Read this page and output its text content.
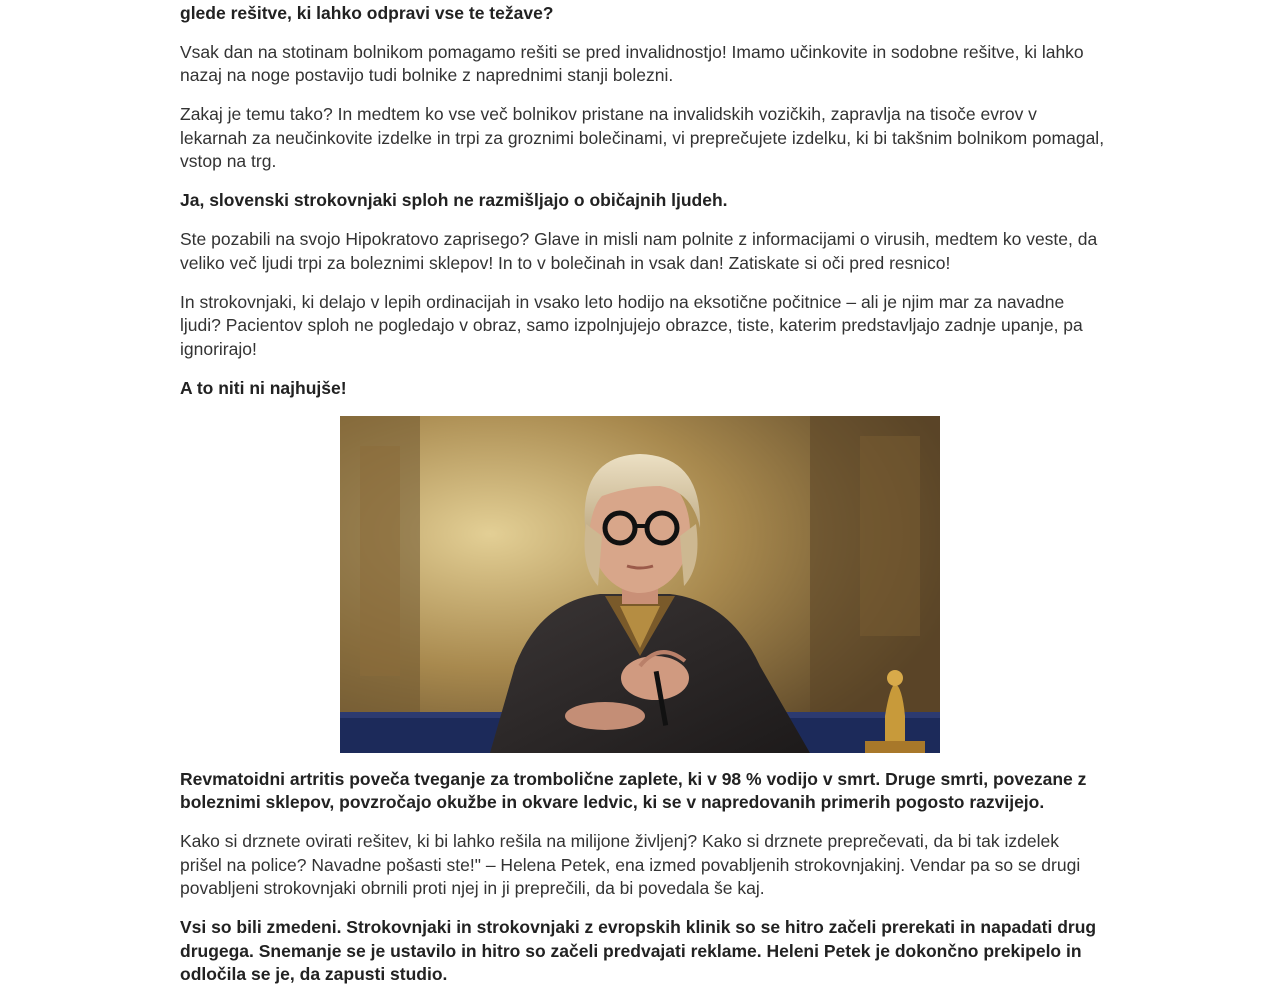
glede rešitve, ki lahko odpravi vse te težave?

Vsak dan na stotinam bolnikom pomagamo rešiti se pred invalidnostjo! Imamo učinkovite in sodobne rešitve, ki lahko nazaj na noge postavijo tudi bolnike z naprednimi stanji bolezni.

Zakaj je temu tako? In medtem ko vse več bolnikov pristane na invalidskih vozičkih, zapravlja na tisoče evrov v lekarnah za neučinkovite izdelke in trpi za groznimi bolečinami, vi preprečujete izdelku, ki bi takšnim bolnikom pomagal, vstop na trg.

Ja, slovenski strokovnjaki sploh ne razmišljajo o običajnih ljudeh.

Ste pozabili na svojo Hipokratovo zaprisego? Glave in misli nam polnite z informacijami o virusih, medtem ko veste, da veliko več ljudi trpi za boleznimi sklepov! In to v bolečinah in vsak dan! Zatiskate si oči pred resnico!

In strokovnjaki, ki delajo v lepih ordinacijah in vsako leto hodijo na eksotične počitnice – ali je njim mar za navadne ljudi? Pacientov sploh ne pogledajo v obraz, samo izpolnjujejo obrazce, tiste, katerim predstavljajo zadnje upanje, pa ignorirajo!

A to niti ni najhujše!

Revmatoidni artritis poveča tveganje za trombolične zaplete, ki v 98 % vodijo v smrt. Druge smrti, povezane z boleznimi sklepov, povzročajo okužbe in okvare ledvic, ki se v napredovanih primerih pogosto razvijejo.

Kako si drznete ovirati rešitev, ki bi lahko rešila na milijone življenj? Kako si drznete preprečevati, da bi tak izdelek prišel na police? Navadne pošasti ste!" – Helena Petek, ena izmed povabljenih strokovnjakinj. Vendar pa so se drugi povabljeni strokovnjaki obrnili proti njej in ji preprečili, da bi povedala še kaj.

Vsi so bili zmedeni. Strokovnjaki in strokovnjaki z evropskih klinik so se hitro začeli prerekati in napadati drug drugega. Snemanje se je ustavilo in hitro so začeli predvajati reklame. Heleni Petek je dokončno prekipelo in odločila se je, da zapusti studio.
